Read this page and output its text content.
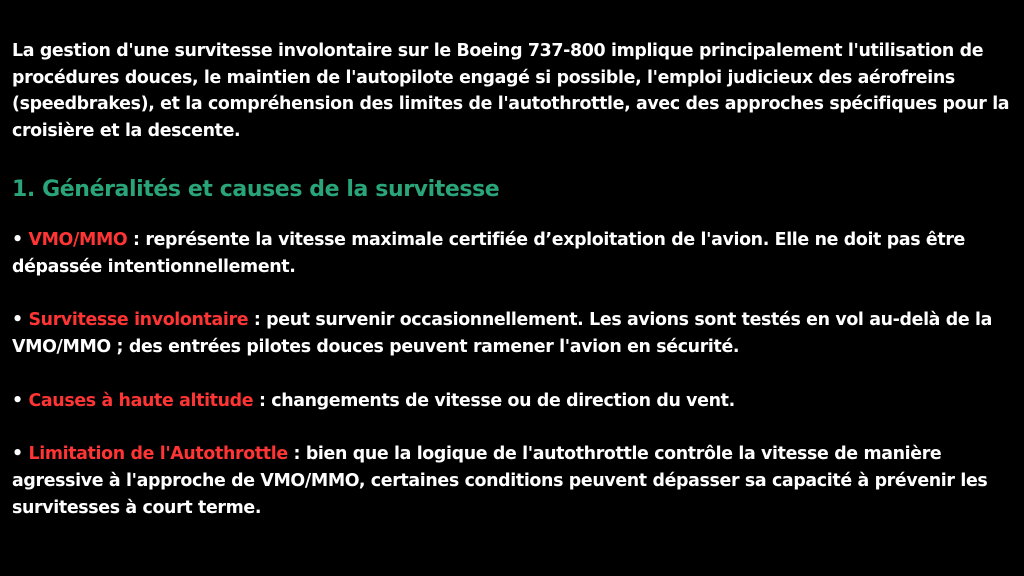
La gestion d'une survitesse involontaire sur le Boeing 737-800 implique principalement l'utilisation de procédures douces, le maintien de l'autopilote engagé si possible, l'emploi judicieux des aérofreins (speedbrakes), et la compréhension des limites de l'autothrottle, avec des approches spécifiques pour la croisière et la descente.

1. Généralités et causes de la survitesse
• VMO/MMO : représente la vitesse maximale certifiée d’exploitation de l'avion. Elle ne doit pas être dépassée intentionnellement.
• Survitesse involontaire : peut survenir occasionnellement. Les avions sont testés en vol au-delà de la VMO/MMO ; des entrées pilotes douces peuvent ramener l'avion en sécurité.
• Causes à haute altitude : changements de vitesse ou de direction du vent.
• Limitation de l'Autothrottle : bien que la logique de l'autothrottle contrôle la vitesse de manière agressive à l'approche de VMO/MMO, certaines conditions peuvent dépasser sa capacité à prévenir les survitesses à court terme.
